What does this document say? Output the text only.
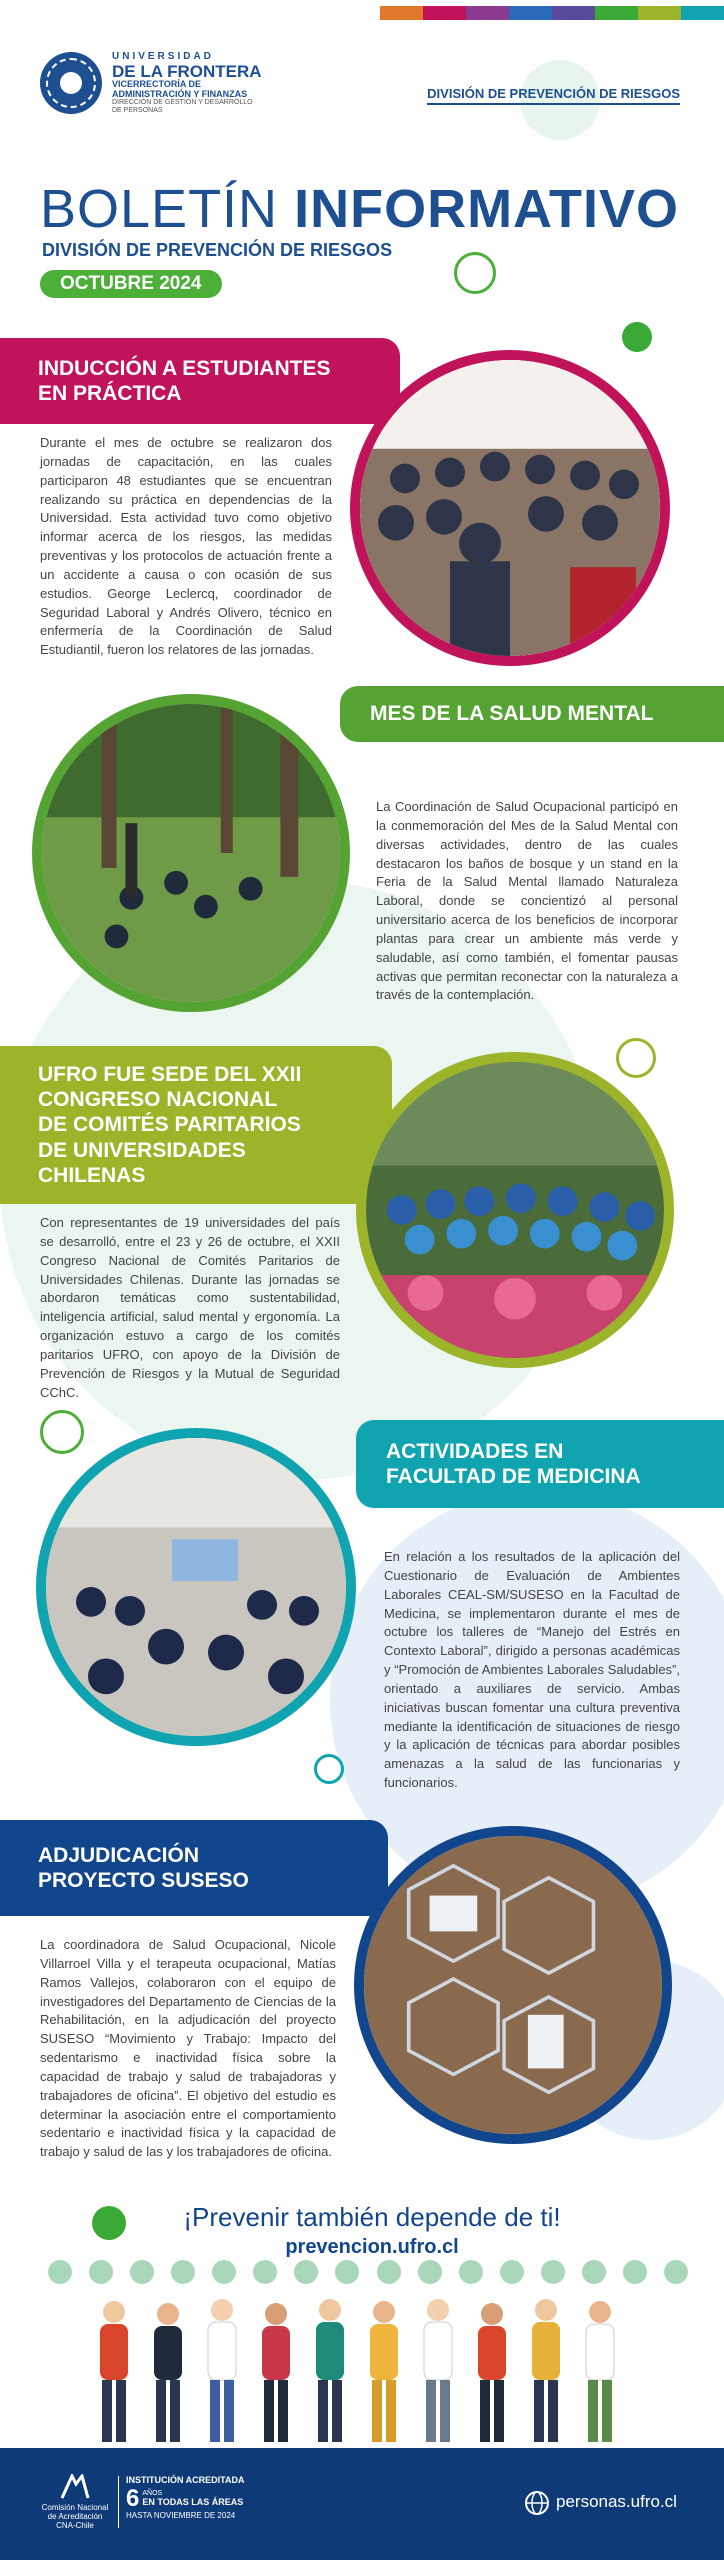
UNIVERSIDAD
DE LA FRONTERA
VICERRECTORÍA DE
ADMINISTRACIÓN Y FINANZAS
DIRECCIÓN DE GESTIÓN Y DESARROLLO
DE PERSONAS
DIVISIÓN DE PREVENCIÓN DE RIESGOS
BOLETÍN INFORMATIVO
DIVISIÓN DE PREVENCIÓN DE RIESGOS
OCTUBRE 2024
INDUCCIÓN A ESTUDIANTES
EN PRÁCTICA
Durante el mes de octubre se realizaron dos jornadas de capacitación, en las cuales participaron 48 estudiantes que se encuentran realizando su práctica en dependencias de la Universidad. Esta actividad tuvo como objetivo informar acerca de los riesgos, las medidas preventivas y los protocolos de actuación frente a un accidente a causa o con ocasión de sus estudios. George Leclercq, coordinador de Seguridad Laboral y Andrés Olivero, técnico en enfermería de la Coordinación de Salud Estudiantil, fueron los relatores de las jornadas.
MES DE LA SALUD MENTAL
La Coordinación de Salud Ocupacional participó en la conmemoración del Mes de la Salud Mental con diversas actividades, dentro de las cuales destacaron los baños de bosque y un stand en la Feria de la Salud Mental llamado Naturaleza Laboral, donde se concientizó al personal universitario acerca de los beneficios de incorporar plantas para crear un ambiente más verde y saludable, así como también, el fomentar pausas activas que permitan reconectar con la naturaleza a través de la contemplación.
UFRO FUE SEDE DEL XXII
CONGRESO NACIONAL
DE COMITÉS PARITARIOS
DE UNIVERSIDADES
CHILENAS
Con representantes de 19 universidades del país se desarrolló, entre el 23 y 26 de octubre, el XXII Congreso Nacional de Comités Paritarios de Universidades Chilenas. Durante las jornadas se abordaron temáticas como sustentabilidad, inteligencia artificial, salud mental y ergonomía. La organización estuvo a cargo de los comités paritarios UFRO, con apoyo de la División de Prevención de Riesgos y la Mutual de Seguridad CChC.
ACTIVIDADES EN
FACULTAD DE MEDICINA
En relación a los resultados de la aplicación del Cuestionario de Evaluación de Ambientes Laborales CEAL-SM/SUSESO en la Facultad de Medicina, se implementaron durante el mes de octubre los talleres de “Manejo del Estrés en Contexto Laboral”, dirigido a personas académicas y “Promoción de Ambientes Laborales Saludables”, orientado a auxiliares de servicio. Ambas iniciativas buscan fomentar una cultura preventiva mediante la identificación de situaciones de riesgo y la aplicación de técnicas para abordar posibles amenazas a la salud de las funcionarias y funcionarios.
ADJUDICACIÓN
PROYECTO SUSESO
La coordinadora de Salud Ocupacional, Nicole Villarroel Villa y el terapeuta ocupacional, Matías Ramos Vallejos, colaboraron con el equipo de investigadores del Departamento de Ciencias de la Rehabilitación, en la adjudicación del proyecto SUSESO “Movimiento y Trabajo: Impacto del sedentarismo e inactividad física sobre la capacidad de trabajo y salud de trabajadoras y trabajadores de oficina”. El objetivo del estudio es determinar la asociación entre el comportamiento sedentario e inactividad física y la capacidad de trabajo y salud de las y los trabajadores de oficina.
¡Prevenir también depende de ti!
prevencion.ufro.cl
Comisión Nacional
de Acreditación
CNA-Chile
INSTITUCIÓN ACREDITADA
6 AÑOS
EN TODAS LAS ÁREAS
HASTA NOVIEMBRE DE 2024
personas.ufro.cl
